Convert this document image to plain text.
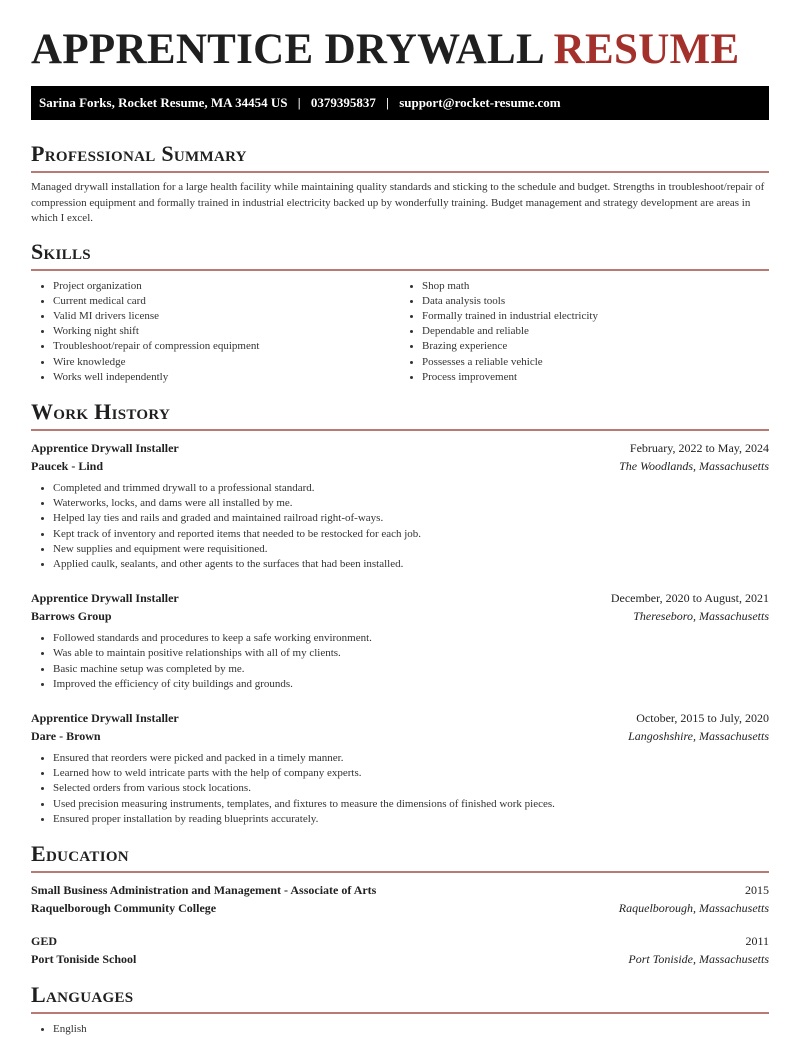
APPRENTICE DRYWALL RESUME
Sarina Forks, Rocket Resume, MA 34454 US | 0379395837 | support@rocket-resume.com
Professional Summary

Managed drywall installation for a large health facility while maintaining quality standards and sticking to the schedule and budget. Strengths in troubleshoot/repair of compression equipment and formally trained in industrial electricity backed up by wonderfully training. Budget management and strategy development are areas in which I excel.

Skills
• Project organization
• Current medical card
• Valid MI drivers license
• Working night shift
• Troubleshoot/repair of compression equipment
• Wire knowledge
• Works well independently
• Shop math
• Data analysis tools
• Formally trained in industrial electricity
• Dependable and reliable
• Brazing experience
• Possesses a reliable vehicle
• Process improvement
Work History
Apprentice Drywall Installer	February, 2022 to May, 2024
Paucek - Lind	The Woodlands, Massachusetts
• Completed and trimmed drywall to a professional standard.
• Waterworks, locks, and dams were all installed by me.
• Helped lay ties and rails and graded and maintained railroad right-of-ways.
• Kept track of inventory and reported items that needed to be restocked for each job.
• New supplies and equipment were requisitioned.
• Applied caulk, sealants, and other agents to the surfaces that had been installed.
Apprentice Drywall Installer	December, 2020 to August, 2021
Barrows Group	Thereseboro, Massachusetts
• Followed standards and procedures to keep a safe working environment.
• Was able to maintain positive relationships with all of my clients.
• Basic machine setup was completed by me.
• Improved the efficiency of city buildings and grounds.
Apprentice Drywall Installer	October, 2015 to July, 2020
Dare - Brown	Langoshshire, Massachusetts
• Ensured that reorders were picked and packed in a timely manner.
• Learned how to weld intricate parts with the help of company experts.
• Selected orders from various stock locations.
• Used precision measuring instruments, templates, and fixtures to measure the dimensions of finished work pieces.
• Ensured proper installation by reading blueprints accurately.
Education
Small Business Administration and Management - Associate of Arts	2015
Raquelborough Community College	Raquelborough, Massachusetts
GED	2011
Port Toniside School	Port Toniside, Massachusetts
Languages
• English
